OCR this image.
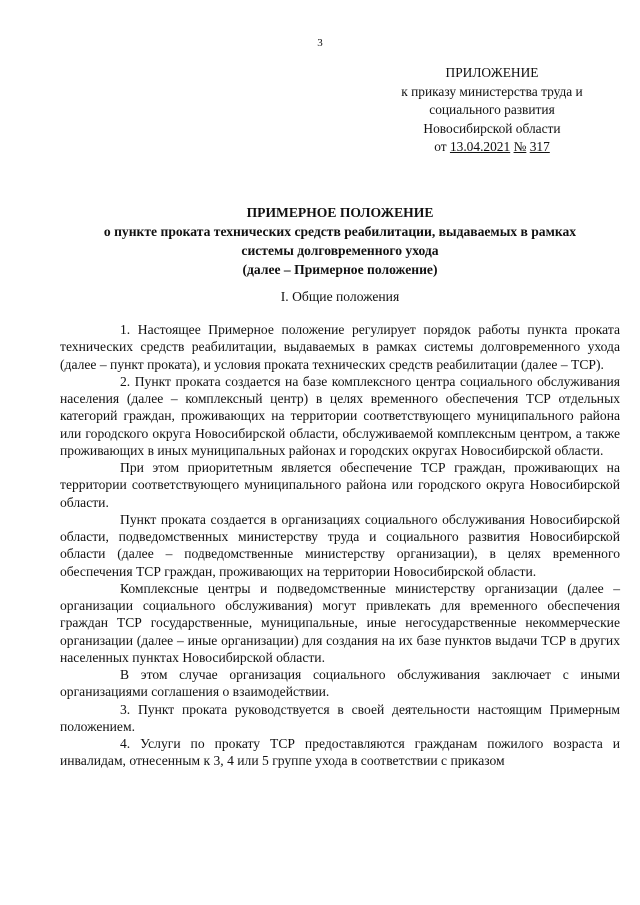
3
ПРИЛОЖЕНИЕ
к приказу министерства труда и
социального развития
Новосибирской области
от 13.04.2021 № 317
ПРИМЕРНОЕ ПОЛОЖЕНИЕ
о пункте проката технических средств реабилитации, выдаваемых в рамках
системы долговременного ухода
(далее – Примерное положение)
I. Общие положения

1. Настоящее Примерное положение регулирует порядок работы пункта проката технических средств реабилитации, выдаваемых в рамках системы долговременного ухода (далее – пункт проката), и условия проката технических средств реабилитации (далее – ТСР).

2. Пункт проката создается на базе комплексного центра социального обслуживания населения (далее – комплексный центр) в целях временного обеспечения ТСР отдельных категорий граждан, проживающих на территории соответствующего муниципального района или городского округа Новосибирской области, обслуживаемой комплексным центром, а также проживающих в иных муниципальных районах и городских округах Новосибирской области.

При этом приоритетным является обеспечение ТСР граждан, проживающих на территории соответствующего муниципального района или городского округа Новосибирской области.

Пункт проката создается в организациях социального обслуживания Новосибирской области, подведомственных министерству труда и социального развития Новосибирской области (далее – подведомственные министерству организации), в целях временного обеспечения ТСР граждан, проживающих на территории Новосибирской области.

Комплексные центры и подведомственные министерству организации (далее – организации социального обслуживания) могут привлекать для временного обеспечения граждан ТСР государственные, муниципальные, иные негосударственные некоммерческие организации (далее – иные организации) для создания на их базе пунктов выдачи ТСР в других населенных пунктах Новосибирской области.

В этом случае организация социального обслуживания заключает с иными организациями соглашения о взаимодействии.

3. Пункт проката руководствуется в своей деятельности настоящим Примерным положением.

4. Услуги по прокату ТСР предоставляются гражданам пожилого возраста и инвалидам, отнесенным к 3, 4 или 5 группе ухода в соответствии с приказом
